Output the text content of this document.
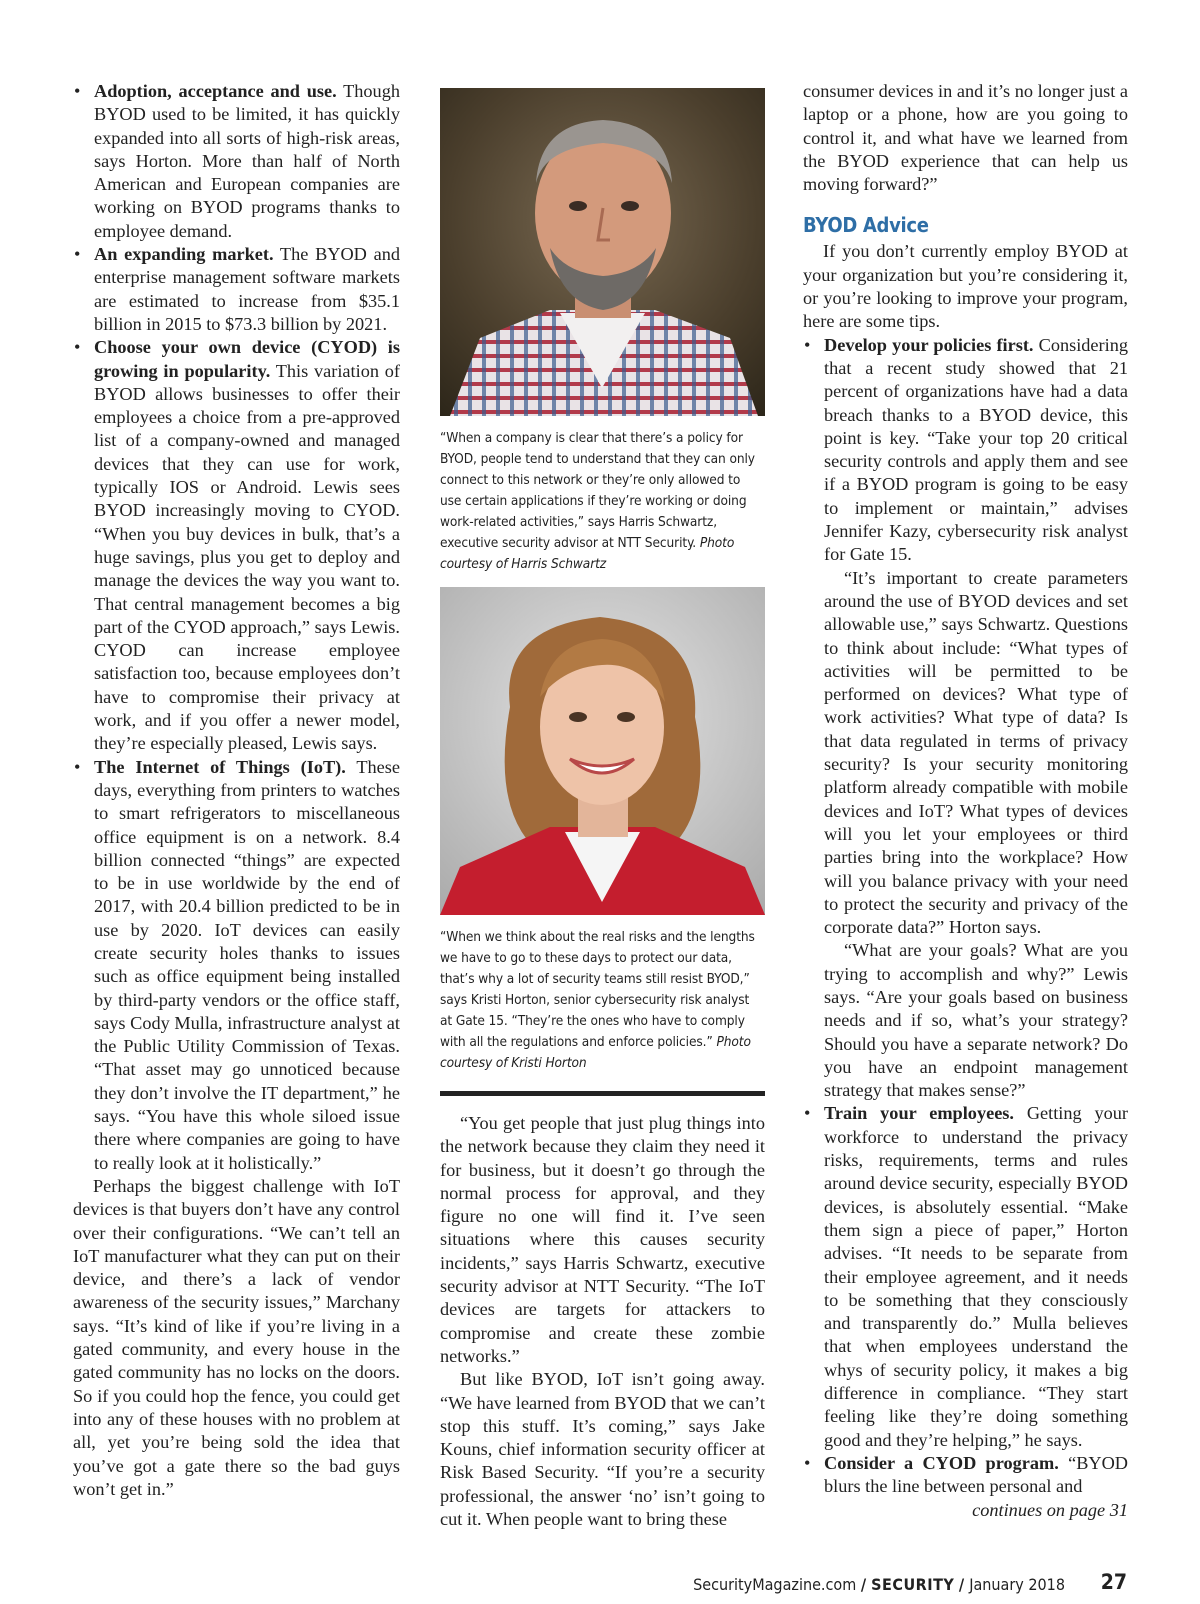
• Adoption, acceptance and use. Though BYOD used to be limited, it has quickly expanded into all sorts of high-risk areas, says Horton. More than half of North American and European companies are working on BYOD programs thanks to employee demand.
• An expanding market. The BYOD and enterprise management software markets are estimated to increase from $35.1 billion in 2015 to $73.3 billion by 2021.
• Choose your own device (CYOD) is growing in popularity. This variation of BYOD allows businesses to offer their employees a choice from a pre-approved list of a company-owned and managed devices that they can use for work, typically IOS or Android. Lewis sees BYOD increasingly moving to CYOD. “When you buy devices in bulk, that’s a huge savings, plus you get to deploy and manage the devices the way you want to. That central management becomes a big part of the CYOD approach,” says Lewis. CYOD can increase employee satisfaction too, because employees don’t have to compromise their privacy at work, and if you offer a newer model, they’re especially pleased, Lewis says.
• The Internet of Things (IoT). These days, everything from printers to watches to smart refrigerators to miscellaneous office equipment is on a network. 8.4 billion connected “things” are expected to be in use worldwide by the end of 2017, with 20.4 billion predicted to be in use by 2020. IoT devices can easily create security holes thanks to issues such as office equipment being installed by third-party vendors or the office staff, says Cody Mulla, infrastructure analyst at the Public Utility Commission of Texas. “That asset may go unnoticed because they don’t involve the IT department,” he says. “You have this whole siloed issue there where companies are going to have to really look at it holistically.”

Perhaps the biggest challenge with IoT devices is that buyers don’t have any control over their configurations. “We can’t tell an IoT manufacturer what they can put on their device, and there’s a lack of vendor awareness of the security issues,” Marchany says. “It’s kind of like if you’re living in a gated community, and every house in the gated community has no locks on the doors. So if you could hop the fence, you could get into any of these houses with no problem at all, yet you’re being sold the idea that you’ve got a gate there so the bad guys won’t get in.”

“When a company is clear that there’s a policy for BYOD, people tend to understand that they can only connect to this network or they’re only allowed to use certain applications if they’re working or doing work-related activities,” says Harris Schwartz, executive security advisor at NTT Security. Photo courtesy of Harris Schwartz
“When we think about the real risks and the lengths we have to go to these days to protect our data, that’s why a lot of security teams still resist BYOD,” says Kristi Horton, senior cybersecurity risk analyst at Gate 15. “They’re the ones who have to comply with all the regulations and enforce policies.” Photo courtesy of Kristi Horton

“You get people that just plug things into the network because they claim they need it for business, but it doesn’t go through the normal process for approval, and they figure no one will find it. I’ve seen situations where this causes security incidents,” says Harris Schwartz, executive security advisor at NTT Security. “The IoT devices are targets for attackers to compromise and create these zombie networks.”

But like BYOD, IoT isn’t going away. “We have learned from BYOD that we can’t stop this stuff. It’s coming,” says Jake Kouns, chief information security officer at Risk Based Security. “If you’re a security professional, the answer ‘no’ isn’t going to cut it. When people want to bring these

consumer devices in and it’s no longer just a laptop or a phone, how are you going to control it, and what have we learned from the BYOD experience that can help us moving forward?”

BYOD Advice

If you don’t currently employ BYOD at your organization but you’re considering it, or you’re looking to improve your program, here are some tips.

• Develop your policies first. Considering that a recent study showed that 21 percent of organizations have had a data breach thanks to a BYOD device, this point is key. “Take your top 20 critical security controls and apply them and see if a BYOD program is going to be easy to implement or maintain,” advises Jennifer Kazy, cybersecurity risk analyst for Gate 15.

“It’s important to create parameters around the use of BYOD devices and set allowable use,” says Schwartz. Questions to think about include: “What types of activities will be permitted to be performed on devices? What type of work activities? What type of data? Is that data regulated in terms of privacy security? Is your security monitoring platform already compatible with mobile devices and IoT? What types of devices will you let your employees or third parties bring into the workplace? How will you balance privacy with your need to protect the security and privacy of the corporate data?” Horton says.

“What are your goals? What are you trying to accomplish and why?” Lewis says. “Are your goals based on business needs and if so, what’s your strategy? Should you have a separate network? Do you have an endpoint management strategy that makes sense?”

• Train your employees. Getting your workforce to understand the privacy risks, requirements, terms and rules around device security, especially BYOD devices, is absolutely essential. “Make them sign a piece of paper,” Horton advises. “It needs to be separate from their employee agreement, and it needs to be something that they consciously and transparently do.” Mulla believes that when employees understand the whys of security policy, it makes a big difference in compliance. “They start feeling like they’re doing something good and they’re helping,” he says.
• Consider a CYOD program. “BYOD blurs the line between personal and

continues on page 31

SecurityMagazine.com / SECURITY / January 2018 27
